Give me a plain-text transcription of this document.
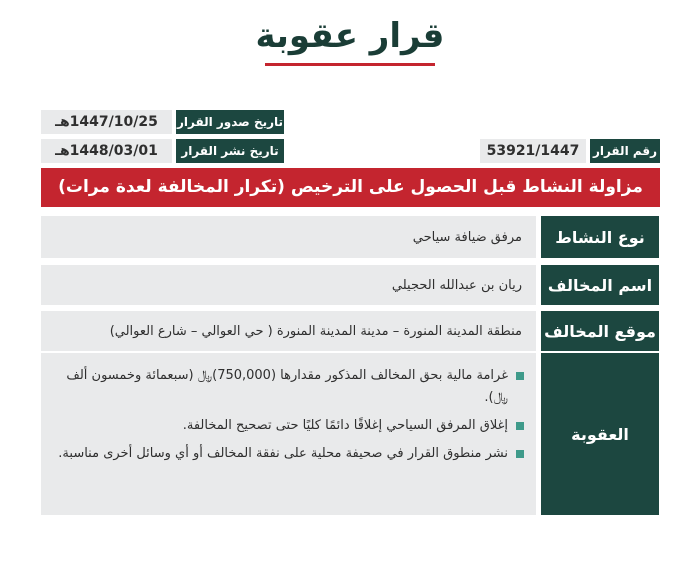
قرار عقوبة
تاريخ صدور القرار
1447/10/25هـ
تاريخ نشر القرار
1448/03/01هـ	رقم القرار
53921/1447
مزاولة النشاط قبل الحصول على الترخيص (تكرار المخالفة لعدة مرات)
نوع النشاط
مرفق ضيافة سياحي
اسم المخالف
ريان بن عبدالله الحجيلي
موقع المخالف
منطقة المدينة المنورة – مدينة المدينة المنورة ( حي العوالي – شارع العوالي)
العقوبة
غرامة مالية بحق المخالف المذكور مقدارها (750,000)﷼ (سبعمائة وخمسون ألف ﷼).
إغلاق المرفق السياحي إغلاقًا دائمًا كليًا حتى تصحيح المخالفة.
نشر منطوق القرار في صحيفة محلية على نفقة المخالف أو أي وسائل أخرى مناسبة.
